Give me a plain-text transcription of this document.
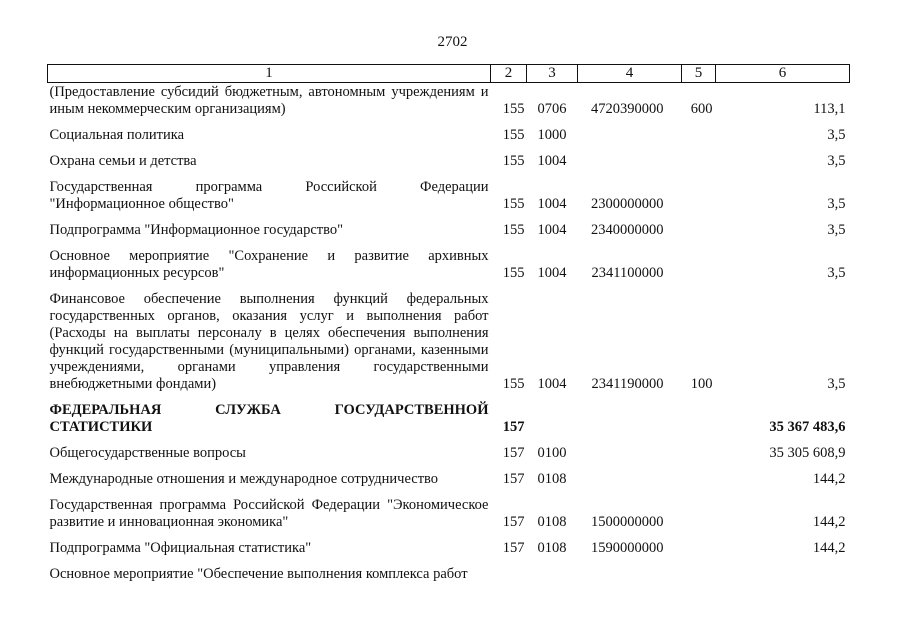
2702
1	2	3	4	5	6
(Предоставление субсидий бюджетным, автономным учреждениям и иным некоммерческим организациям)	155	0706	4720390000	600	113,1
Социальная политика	155	1000			3,5
Охрана семьи и детства	155	1004			3,5
Государственная программа Российской Федерации "Информационное общество"	155	1004	2300000000		3,5
Подпрограмма "Информационное государство"	155	1004	2340000000		3,5
Основное мероприятие "Сохранение и развитие архивных информационных ресурсов"	155	1004	2341100000		3,5
Финансовое обеспечение выполнения функций федеральных государственных органов, оказания услуг и выполнения работ (Расходы на выплаты персоналу в целях обеспечения выполнения функций государственными (муниципальными) органами, казенными учреждениями, органами управления государственными внебюджетными фондами)	155	1004	2341190000	100	3,5
ФЕДЕРАЛЬНАЯ СЛУЖБА ГОСУДАРСТВЕННОЙ СТАТИСТИКИ	157				35 367 483,6
Общегосударственные вопросы	157	0100			35 305 608,9
Международные отношения и международное сотрудничество	157	0108			144,2
Государственная программа Российской Федерации "Экономическое развитие и инновационная экономика"	157	0108	1500000000		144,2
Подпрограмма "Официальная статистика"	157	0108	1590000000		144,2
Основное мероприятие "Обеспечение выполнения комплекса работ					
